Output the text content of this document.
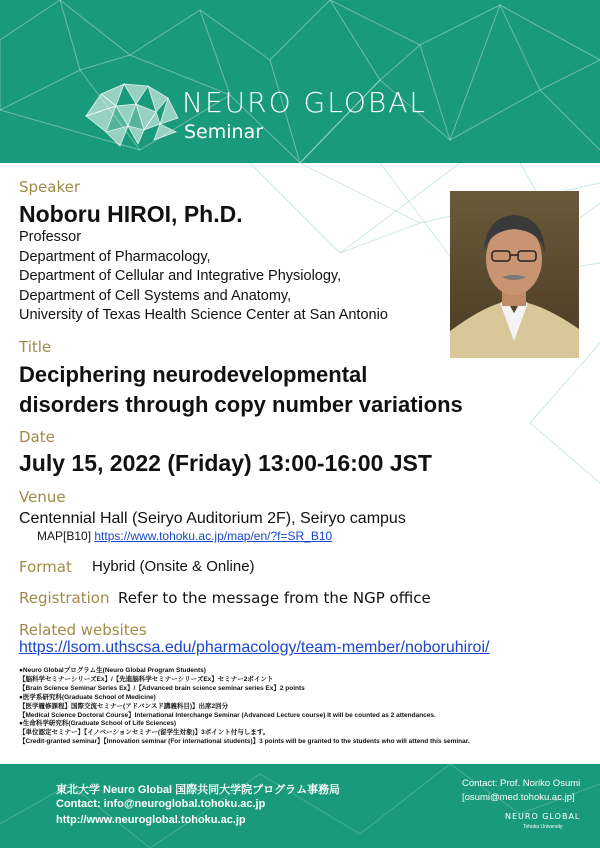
NEURO GLOBAL
Seminar
Speaker
Noboru HIROI, Ph.D.
Professor
Department of Pharmacology,
Department of Cellular and Integrative Physiology,
Department of Cell Systems and Anatomy,
University of Texas Health Science Center at San Antonio
Title
Deciphering neurodevelopmental
disorders through copy number variations
Date
July 15, 2022 (Friday) 13:00-16:00 JST
Venue
Centennial Hall (Seiryo Auditorium 2F), Seiryo campus
MAP[B10] https://www.tohoku.ac.jp/map/en/?f=SR_B10
Format Hybrid (Onsite & Online)
Registration Refer to the message from the NGP office
Related websites
https://lsom.uthscsa.edu/pharmacology/team-member/noboruhiroi/
●Neuro Globalプログラム生(Neuro Global Program Students)
【脳科学セミナーシリーズEx】/【先進脳科学セミナーシリーズEx】セミナー2ポイント
【Brain Science Seminar Series Ex】/【Advanced brain science seminar series Ex】2 points
●医学系研究科(Graduate School of Medicine)
【医学履修課程】国際交流セミナー(アドバンスド講義科目)】出席2回分
【Medical Science Doctoral Course】International Interchange Seminar (Advanced Lecture course) It will be counted as 2 attendances.
●生命科学研究科(Graduate School of Life Sciences)
【単位認定セミナー】【イノベーションセミナー(留学生対象)】3ポイント付与します。
【Credit-granted seminar】【Innovation seminar (For international students)】3 points will be granted to the students who will attend this seminar.
東北大学 Neuro Global 国際共同大学院プログラム事務局
Contact: info@neuroglobal.tohoku.ac.jp
http://www.neuroglobal.tohoku.ac.jp
Contact: Prof. Noriko Osumi
[osumi@med.tohoku.ac.jp]
NEURO GLOBAL
Tohoku University
